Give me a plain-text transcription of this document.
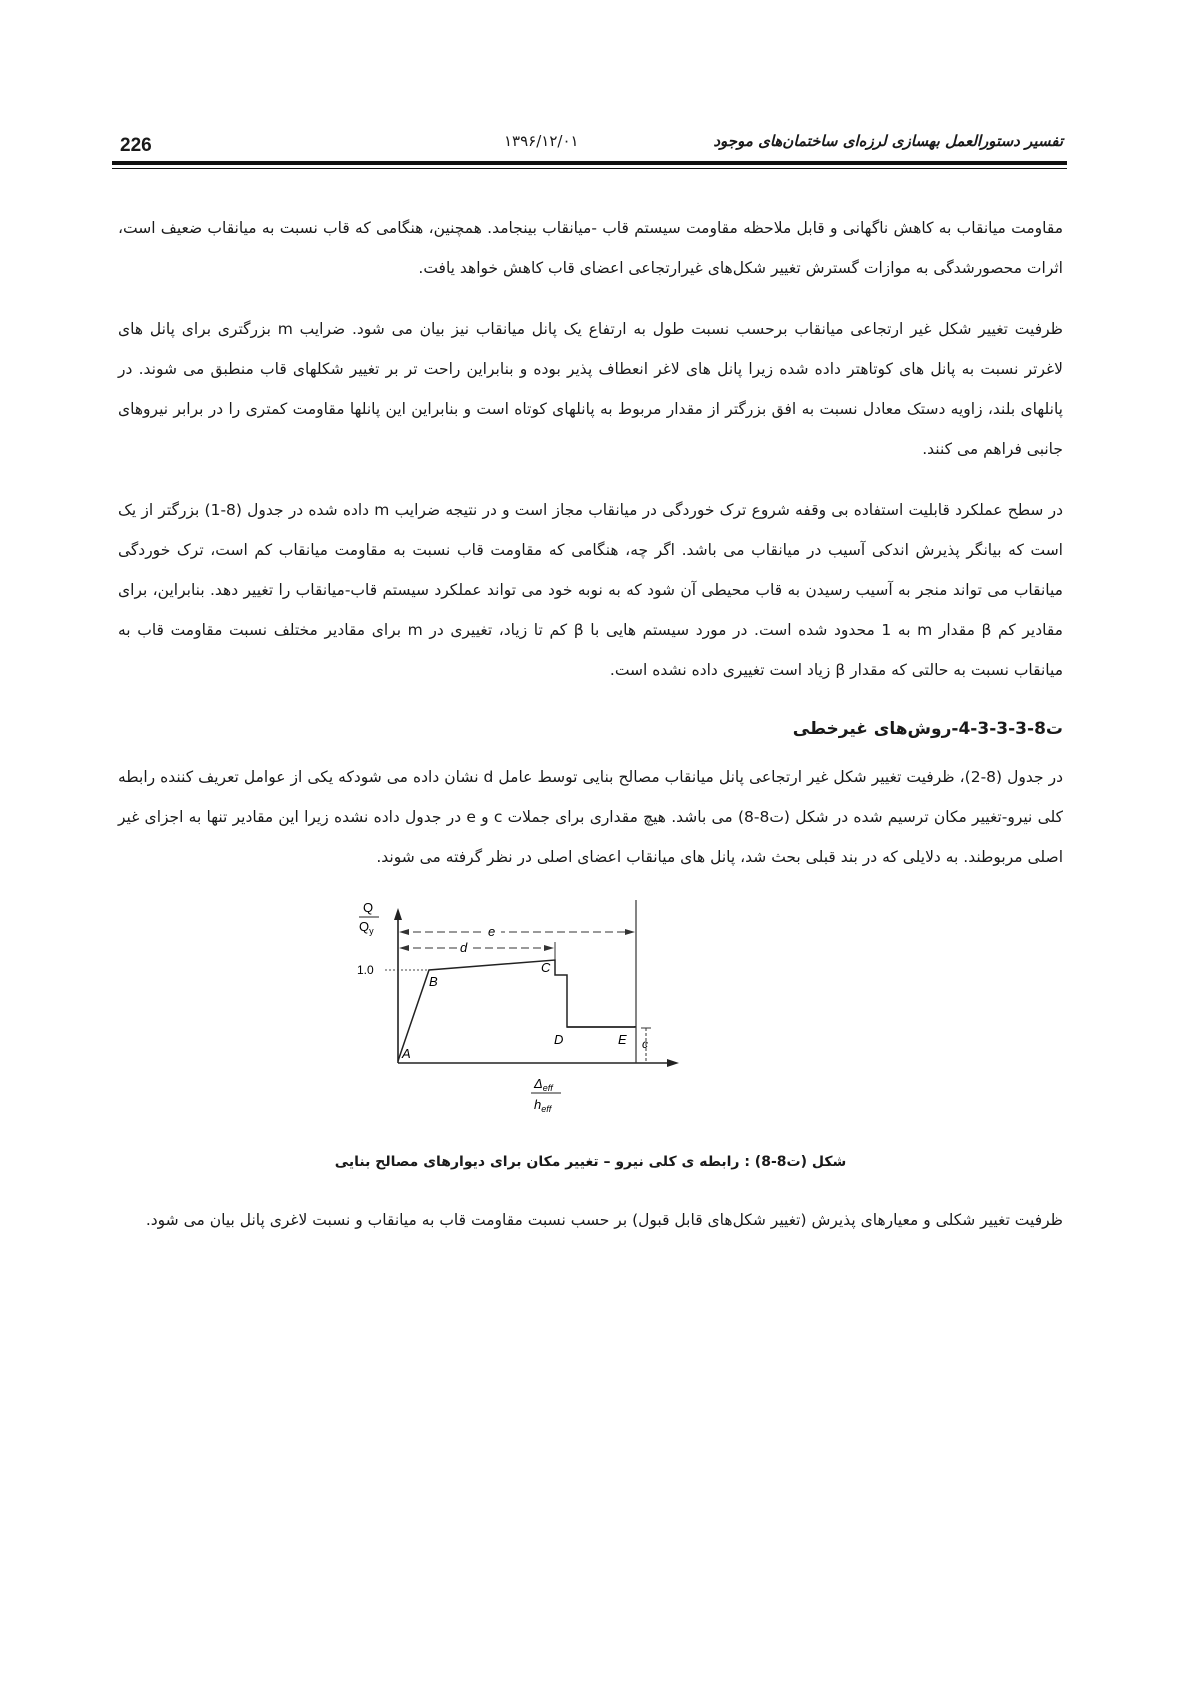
226	۱۳۹۶/۱۲/۰۱	تفسیر دستورالعمل بهسازی لرزه‌ای ساختمان‌های موجود

مقاومت میانقاب به کاهش ناگهانی و قابل ملاحظه مقاومت سیستم قاب -میانقاب بینجامد. همچنین، هنگامی که قاب نسبت به میانقاب ضعیف است، اثرات محصورشدگی به موازات گسترش تغییر شکل‌های غیرارتجاعی اعضای قاب کاهش خواهد یافت.

ظرفیت تغییر شکل غیر ارتجاعی میانقاب برحسب نسبت طول به ارتفاع یک پانل میانقاب نیز بیان می شود. ضرایب m بزرگتری برای پانل های لاغرتر نسبت به پانل های کوتاهتر داده شده زیرا پانل های لاغر انعطاف پذیر بوده و بنابراین راحت تر بر تغییر شکلهای قاب منطبق می شوند. در پانلهای بلند، زاویه دستک معادل نسبت به افق بزرگتر از مقدار مربوط به پانلهای کوتاه است و بنابراین این پانلها مقاومت کمتری را در برابر نیروهای جانبی فراهم می کنند.

در سطح عملکرد قابلیت استفاده بی وقفه شروع ترک خوردگی در میانقاب مجاز است و در نتیجه ضرایب m داده شده در جدول (8-1) بزرگتر از یک است که بیانگر پذیرش اندکی آسیب در میانقاب می باشد. اگر چه، هنگامی که مقاومت قاب نسبت به مقاومت میانقاب کم است، ترک خوردگی میانقاب می تواند منجر به آسیب رسیدن به قاب محیطی آن شود که به نوبه خود می تواند عملکرد سیستم قاب-میانقاب را تغییر دهد. بنابراین، برای مقادیر کم β مقدار m به 1 محدود شده است. در مورد سیستم هایی با β کم تا زیاد، تغییری در m برای مقادیر مختلف نسبت مقاومت قاب به میانقاب نسبت به حالتی که مقدار β زیاد است تغییری داده نشده است.

ت8-3-3-3-4-روش‌های غیرخطی

در جدول (8-2)، ظرفیت تغییر شکل غیر ارتجاعی پانل میانقاب مصالح بنایی توسط عامل d نشان داده می شودکه یکی از عوامل تعریف کننده رابطه کلی نیرو-تغییر مکان ترسیم شده در شکل (ت8-8) می باشد. هیچ مقداری برای جملات c و e در جدول داده نشده زیرا این مقادیر تنها به اجزای غیر اصلی مربوطند. به دلایلی که در بند قبلی بحث شد، پانل های میانقاب اعضای اصلی در نظر گرفته می شوند.

Q
$Q_y$
1.0
e
d
c
A
B
C
D	E
$\Delta_{eff}$
$h_{eff}$
شکل (ت8-8) : رابطه ی کلی نیرو – تغییر مکان برای دیوارهای مصالح بنایی

ظرفیت تغییر شکلی و معیارهای پذیرش (تغییر شکل‌های قابل قبول) بر حسب نسبت مقاومت قاب به میانقاب و نسبت لاغری پانل بیان می شود.
